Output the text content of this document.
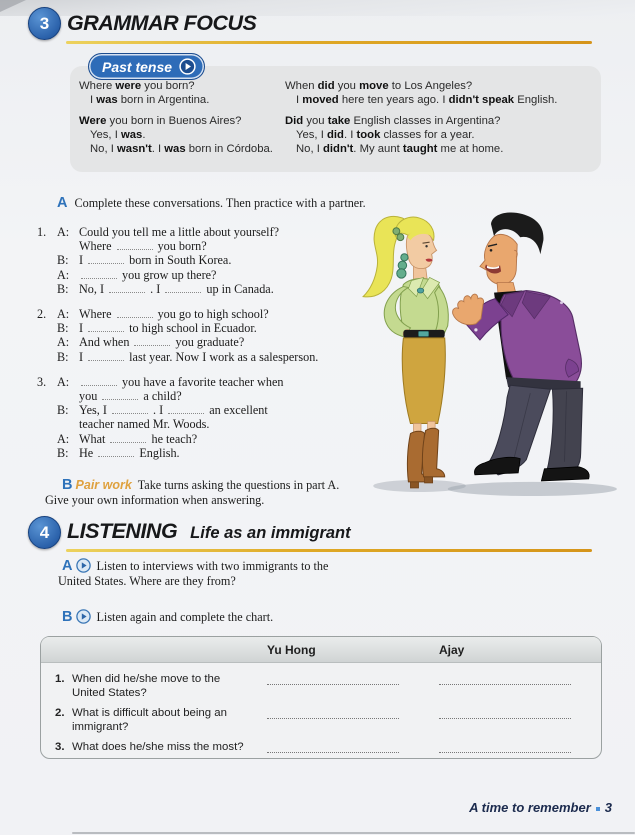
3 GRAMMAR FOCUS

Where were you born?

I was born in Argentina.

Were you born in Buenos Aires?

Yes, I was.

No, I wasn't. I was born in Córdoba.

When did you move to Los Angeles?

I moved here ten years ago. I didn't speak English.

Did you take English classes in Argentina?

Yes, I did. I took classes for a year.

No, I didn't. My aunt taught me at home.

Past tense
A Complete these conversations. Then practice with a partner.
1. A: Could you tell me a little about yourself?
Where	you born?
B: I	born in South Korea.
A:	you grow up there?
B: No, I	. I	up in Canada.
2. A: Where	you go to high school?
B: I	to high school in Ecuador.
A: And when	you graduate?
B: I	last year. Now I work as a salesperson.
3. A:	you have a favorite teacher when
you	a child?
B: Yes, I	. I	an excellent
teacher named Mr. Woods.
A: What	he teach?
B: He	English.

B Pair work Take turns asking the questions in part A. Give your own information when answering.

4 LISTENING Life as an immigrant

A Listen to interviews with two immigrants to the United States. Where are they from?

B Listen again and complete the chart.

Yu Hong	Ajay
1. When did he/she move to the United States?
2. What is difficult about being an immigrant?
3. What does he/she miss the most?
A time to remember 3
